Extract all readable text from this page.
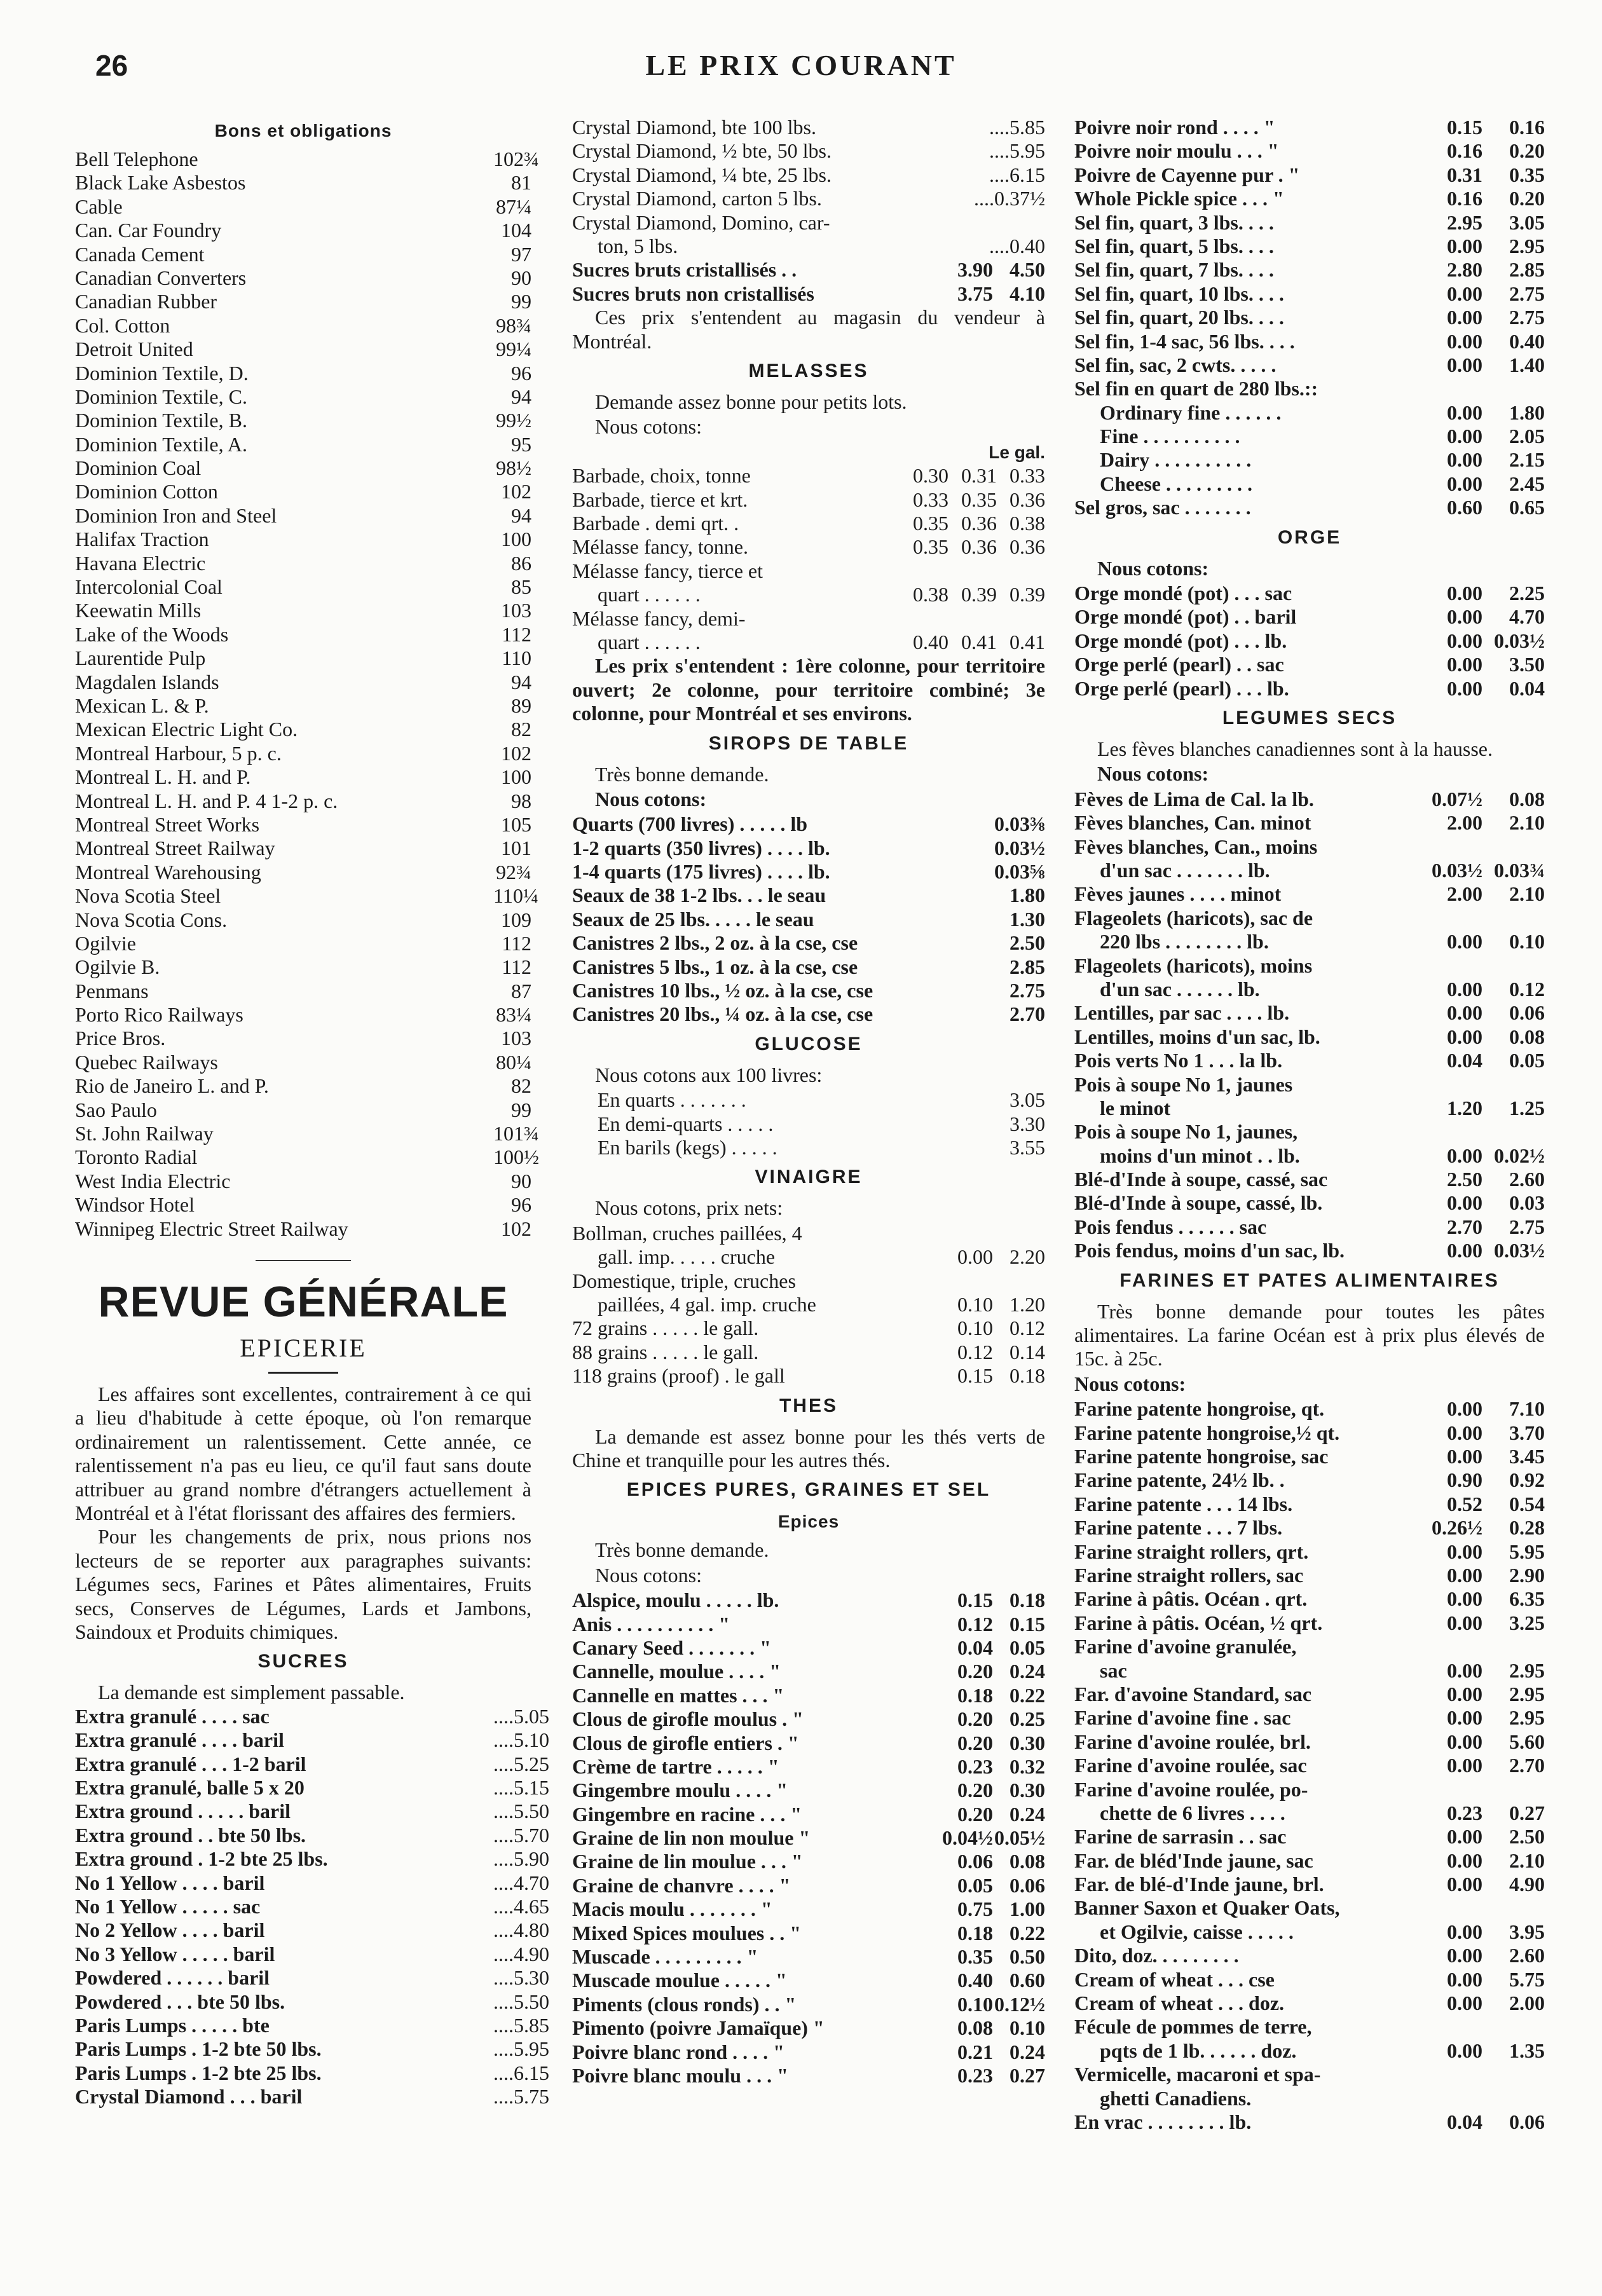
26	LE PRIX COURANT
Bons et obligations
Bell Telephone	102¾
Black Lake Asbestos	81
Cable	87¼
Can. Car Foundry	104
Canada Cement	97
Canadian Converters	90
Canadian Rubber	99
Col. Cotton	98¾
Detroit United	99¼
Dominion Textile, D.	96
Dominion Textile, C.	94
Dominion Textile, B.	99½
Dominion Textile, A.	95
Dominion Coal	98½
Dominion Cotton	102
Dominion Iron and Steel	94
Halifax Traction	100
Havana Electric	86
Intercolonial Coal	85
Keewatin Mills	103
Lake of the Woods	112
Laurentide Pulp	110
Magdalen Islands	94
Mexican L. & P.	89
Mexican Electric Light Co.	82
Montreal Harbour, 5 p. c.	102
Montreal L. H. and P.	100
Montreal L. H. and P. 4 1-2 p. c.	98
Montreal Street Works	105
Montreal Street Railway	101
Montreal Warehousing	92¾
Nova Scotia Steel	110¼
Nova Scotia Cons.	109
Ogilvie	112
Ogilvie B.	112
Penmans	87
Porto Rico Railways	83¼
Price Bros.	103
Quebec Railways	80¼
Rio de Janeiro L. and P.	82
Sao Paulo	99
St. John Railway	101¾
Toronto Radial	100½
West India Electric	90
Windsor Hotel	96
Winnipeg Electric Street Railway	102
REVUE GÉNÉRALE
EPICERIE

Les affaires sont excellentes, contrairement à ce qui a lieu d'habitude à cette époque, où l'on remarque ordinairement un ralentissement. Cette année, ce ralentissement n'a pas eu lieu, ce qu'il faut sans doute attribuer au grand nombre d'étrangers actuellement à Montréal et à l'état florissant des affaires des fermiers.

Pour les changements de prix, nous prions nos lecteurs de se reporter aux paragraphes suivants: Légumes secs, Farines et Pâtes alimentaires, Fruits secs, Conserves de Légumes, Lards et Jambons, Saindoux et Produits chimiques.

SUCRES

La demande est simplement passable.

Extra granulé . . . . sac	....5.05
Extra granulé . . . . baril	....5.10
Extra granulé . . . 1-2 baril	....5.25
Extra granulé, balle 5 x 20	....5.15
Extra ground . . . . . baril	....5.50
Extra ground . . bte 50 lbs.	....5.70
Extra ground . 1-2 bte 25 lbs.	....5.90
No 1 Yellow . . . . baril	....4.70
No 1 Yellow . . . . . sac	....4.65
No 2 Yellow . . . . baril	....4.80
No 3 Yellow . . . . . baril	....4.90
Powdered . . . . . . baril	....5.30
Powdered . . . bte 50 lbs.	....5.50
Paris Lumps . . . . . bte	....5.85
Paris Lumps . 1-2 bte 50 lbs.	....5.95
Paris Lumps . 1-2 bte 25 lbs.	....6.15
Crystal Diamond . . . baril	....5.75
Crystal Diamond, bte 100 lbs.	....5.85
Crystal Diamond, ½ bte, 50 lbs.	....5.95
Crystal Diamond, ¼ bte, 25 lbs.	....6.15
Crystal Diamond, carton 5 lbs.	....0.37½
Crystal Diamond, Domino, car-
ton, 5 lbs.	....0.40
Sucres bruts cristallisés . .	3.90 4.50
Sucres bruts non cristallisés	3.75 4.10

Ces prix s'entendent au magasin du vendeur à Montréal.

MELASSES

Demande assez bonne pour petits lots.

Nous cotons:

Le gal.
Barbade, choix, tonne	0.30 0.31 0.33
Barbade, tierce et krt.	0.33 0.35 0.36
Barbade . demi qrt. .	0.35 0.36 0.38
Mélasse fancy, tonne.	0.35 0.36 0.36
Mélasse fancy, tierce et
quart . . . . . .	0.38 0.39 0.39
Mélasse fancy, demi-
quart . . . . . .	0.40 0.41 0.41

Les prix s'entendent : 1ère colonne, pour territoire ouvert; 2e colonne, pour territoire combiné; 3e colonne, pour Montréal et ses environs.

SIROPS DE TABLE

Très bonne demande.

Nous cotons:

Quarts (700 livres) . . . . . lb	0.03⅜
1-2 quarts (350 livres) . . . . lb.	0.03½
1-4 quarts (175 livres) . . . . lb.	0.03⅝
Seaux de 38 1-2 lbs. . . le seau	1.80
Seaux de 25 lbs. . . . . le seau	1.30
Canistres 2 lbs., 2 oz. à la cse, cse	2.50
Canistres 5 lbs., 1 oz. à la cse, cse	2.85
Canistres 10 lbs., ½ oz. à la cse, cse	2.75
Canistres 20 lbs., ¼ oz. à la cse, cse	2.70
GLUCOSE

Nous cotons aux 100 livres:

En quarts . . . . . . .	3.05
En demi-quarts . . . . .	3.30
En barils (kegs) . . . . .	3.55
VINAIGRE

Nous cotons, prix nets:

Bollman, cruches paillées, 4
gall. imp. . . . . cruche	0.00 2.20
Domestique, triple, cruches
paillées, 4 gal. imp. cruche	0.10 1.20
72 grains . . . . . le gall.	0.10 0.12
88 grains . . . . . le gall.	0.12 0.14
118 grains (proof) . le gall	0.15 0.18
THES

La demande est assez bonne pour les thés verts de Chine et tranquille pour les autres thés.

EPICES PURES, GRAINES ET SEL
Epices

Très bonne demande.

Nous cotons:

Alspice, moulu . . . . . lb.	0.15 0.18
Anis . . . . . . . . . . "	0.12 0.15
Canary Seed . . . . . . . "	0.04 0.05
Cannelle, moulue . . . . "	0.20 0.24
Cannelle en mattes . . . "	0.18 0.22
Clous de girofle moulus . "	0.20 0.25
Clous de girofle entiers . "	0.20 0.30
Crème de tartre . . . . . "	0.23 0.32
Gingembre moulu . . . . "	0.20 0.30
Gingembre en racine . . . "	0.20 0.24
Graine de lin non moulue "	0.04½ 0.05½
Graine de lin moulue . . . "	0.06 0.08
Graine de chanvre . . . . "	0.05 0.06
Macis moulu . . . . . . . "	0.75 1.00
Mixed Spices moulues . . "	0.18 0.22
Muscade . . . . . . . . . "	0.35 0.50
Muscade moulue . . . . . "	0.40 0.60
Piments (clous ronds) . . "	0.10 0.12½
Pimento (poivre Jamaïque) "	0.08 0.10
Poivre blanc rond . . . . "	0.21 0.24
Poivre blanc moulu . . . "	0.23 0.27
Poivre noir rond . . . . "	0.15	0.16
Poivre noir moulu . . . "	0.16	0.20
Poivre de Cayenne pur . "	0.31	0.35
Whole Pickle spice . . . "	0.16	0.20
Sel fin, quart, 3 lbs. . . .	2.95	3.05
Sel fin, quart, 5 lbs. . . .	0.00	2.95
Sel fin, quart, 7 lbs. . . .	2.80	2.85
Sel fin, quart, 10 lbs. . . .	0.00	2.75
Sel fin, quart, 20 lbs. . . .	0.00	2.75
Sel fin, 1-4 sac, 56 lbs. . . .	0.00	0.40
Sel fin, sac, 2 cwts. . . . .	0.00	1.40
Sel fin en quart de 280 lbs.::
Ordinary fine . . . . . .	0.00	1.80
Fine . . . . . . . . . .	0.00	2.05
Dairy . . . . . . . . . .	0.00	2.15
Cheese . . . . . . . . .	0.00	2.45
Sel gros, sac . . . . . . .	0.60	0.65
ORGE

Nous cotons:

Orge mondé (pot) . . . sac	0.00	2.25
Orge mondé (pot) . . baril	0.00	4.70
Orge mondé (pot) . . . lb.	0.00 0.03½
Orge perlé (pearl) . . sac	0.00	3.50
Orge perlé (pearl) . . . lb.	0.00	0.04
LEGUMES SECS

Les fèves blanches canadiennes sont à la hausse.

Nous cotons:

Fèves de Lima de Cal. la lb.	0.07½	0.08
Fèves blanches, Can. minot	2.00	2.10
Fèves blanches, Can., moins
d'un sac . . . . . . . lb.	0.03½ 0.03¾
Fèves jaunes . . . . minot	2.00	2.10
Flageolets (haricots), sac de
220 lbs . . . . . . . . lb.	0.00	0.10
Flageolets (haricots), moins
d'un sac . . . . . . lb.	0.00	0.12
Lentilles, par sac . . . . lb.	0.00	0.06
Lentilles, moins d'un sac, lb.	0.00	0.08
Pois verts No 1 . . . la lb.	0.04	0.05
Pois à soupe No 1, jaunes
le minot	1.20	1.25
Pois à soupe No 1, jaunes,
moins d'un minot . . lb.	0.00 0.02½
Blé-d'Inde à soupe, cassé, sac	2.50	2.60
Blé-d'Inde à soupe, cassé, lb.	0.00	0.03
Pois fendus . . . . . . sac	2.70	2.75
Pois fendus, moins d'un sac, lb.	0.00 0.03½
FARINES ET PATES ALIMENTAIRES

Très bonne demande pour toutes les pâtes alimentaires. La farine Océan est à prix plus élevés de 15c. à 25c.

Nous cotons:

Farine patente hongroise, qt.	0.00	7.10
Farine patente hongroise,½ qt.	0.00	3.70
Farine patente hongroise, sac	0.00	3.45
Farine patente, 24½ lb. .	0.90	0.92
Farine patente . . . 14 lbs.	0.52	0.54
Farine patente . . . 7 lbs.	0.26½	0.28
Farine straight rollers, qrt.	0.00	5.95
Farine straight rollers, sac	0.00	2.90
Farine à pâtis. Océan . qrt.	0.00	6.35
Farine à pâtis. Océan, ½ qrt.	0.00	3.25
Farine d'avoine granulée,
sac	0.00	2.95
Far. d'avoine Standard, sac	0.00	2.95
Farine d'avoine fine . sac	0.00	2.95
Farine d'avoine roulée, brl.	0.00	5.60
Farine d'avoine roulée, sac	0.00	2.70
Farine d'avoine roulée, po-
chette de 6 livres . . . .	0.23	0.27
Farine de sarrasin . . sac	0.00	2.50
Far. de bléd'Inde jaune, sac	0.00	2.10
Far. de blé-d'Inde jaune, brl.	0.00	4.90
Banner Saxon et Quaker Oats,
et Ogilvie, caisse . . . . .	0.00	3.95
Dito, doz. . . . . . . . .	0.00	2.60
Cream of wheat . . . cse	0.00	5.75
Cream of wheat . . . doz.	0.00	2.00
Fécule de pommes de terre,
pqts de 1 lb. . . . . . doz.	0.00	1.35
Vermicelle, macaroni et spa-
ghetti Canadiens.
En vrac . . . . . . . . lb.	0.04	0.06
